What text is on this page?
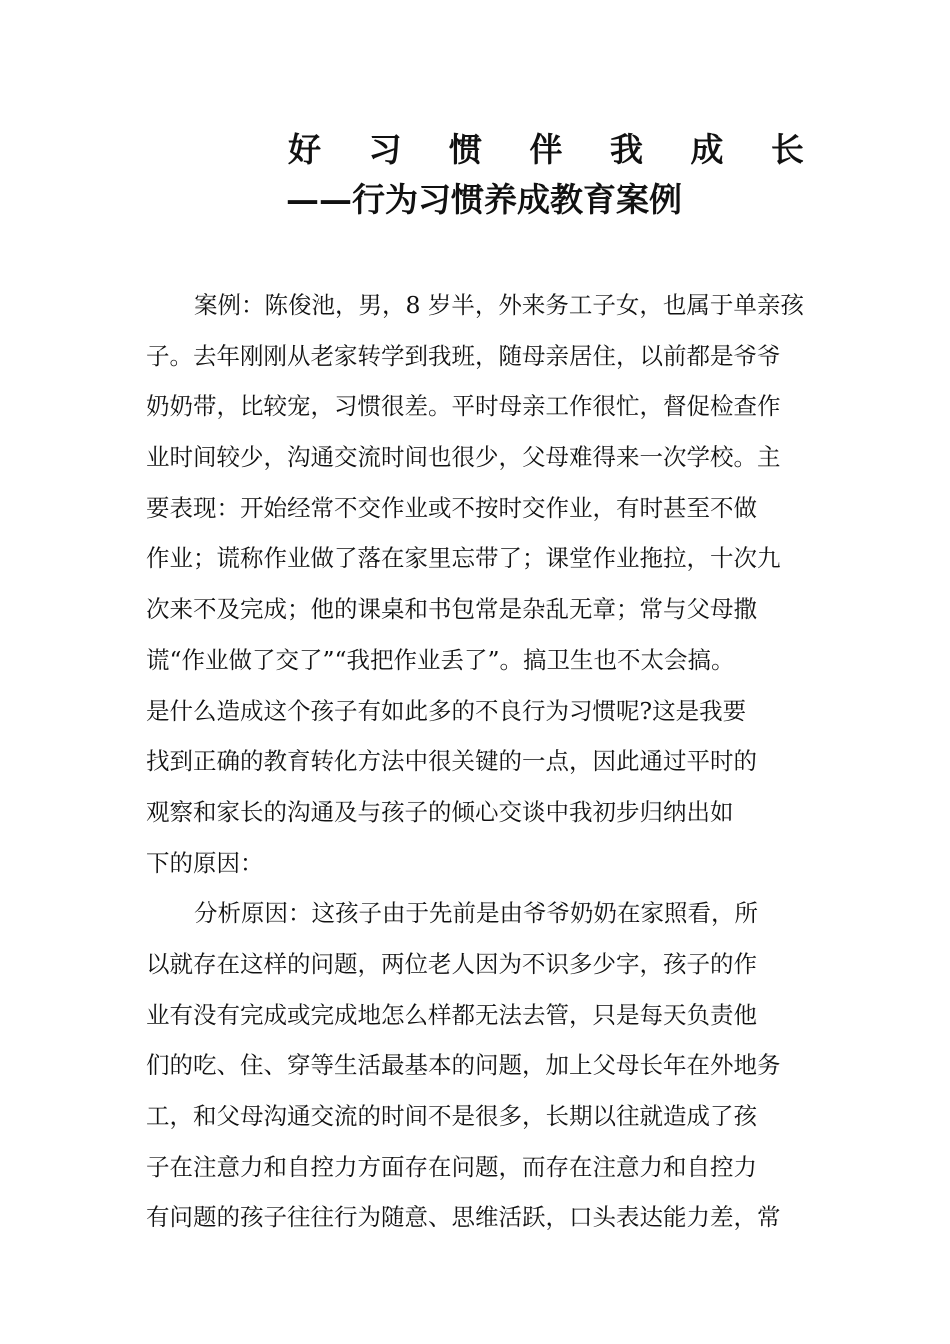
好 习 惯 伴 我 成 长
——行为习惯养成教育案例
案例：陈俊池，男，8 岁半，外来务工子女，也属于单亲孩
子。去年刚刚从老家转学到我班，随母亲居住，以前都是爷爷
奶奶带，比较宠，习惯很差。平时母亲工作很忙，督促检查作
业时间较少，沟通交流时间也很少，父母难得来一次学校。主
要表现：开始经常不交作业或不按时交作业，有时甚至不做
作业；谎称作业做了落在家里忘带了；课堂作业拖拉，十次九
次来不及完成；他的课桌和书包常是杂乱无章；常与父母撒
谎“作业做了交了”“我把作业丢了”。搞卫生也不太会搞。
是什么造成这个孩子有如此多的不良行为习惯呢?这是我要
找到正确的教育转化方法中很关键的一点，因此通过平时的
观察和家长的沟通及与孩子的倾心交谈中我初步归纳出如
下的原因：
分析原因：这孩子由于先前是由爷爷奶奶在家照看，所
以就存在这样的问题，两位老人因为不识多少字，孩子的作
业有没有完成或完成地怎么样都无法去管，只是每天负责他
们的吃、住、穿等生活最基本的问题，加上父母长年在外地务
工，和父母沟通交流的时间不是很多，长期以往就造成了孩
子在注意力和自控力方面存在问题，而存在注意力和自控力
有问题的孩子往往行为随意、思维活跃，口头表达能力差，常
